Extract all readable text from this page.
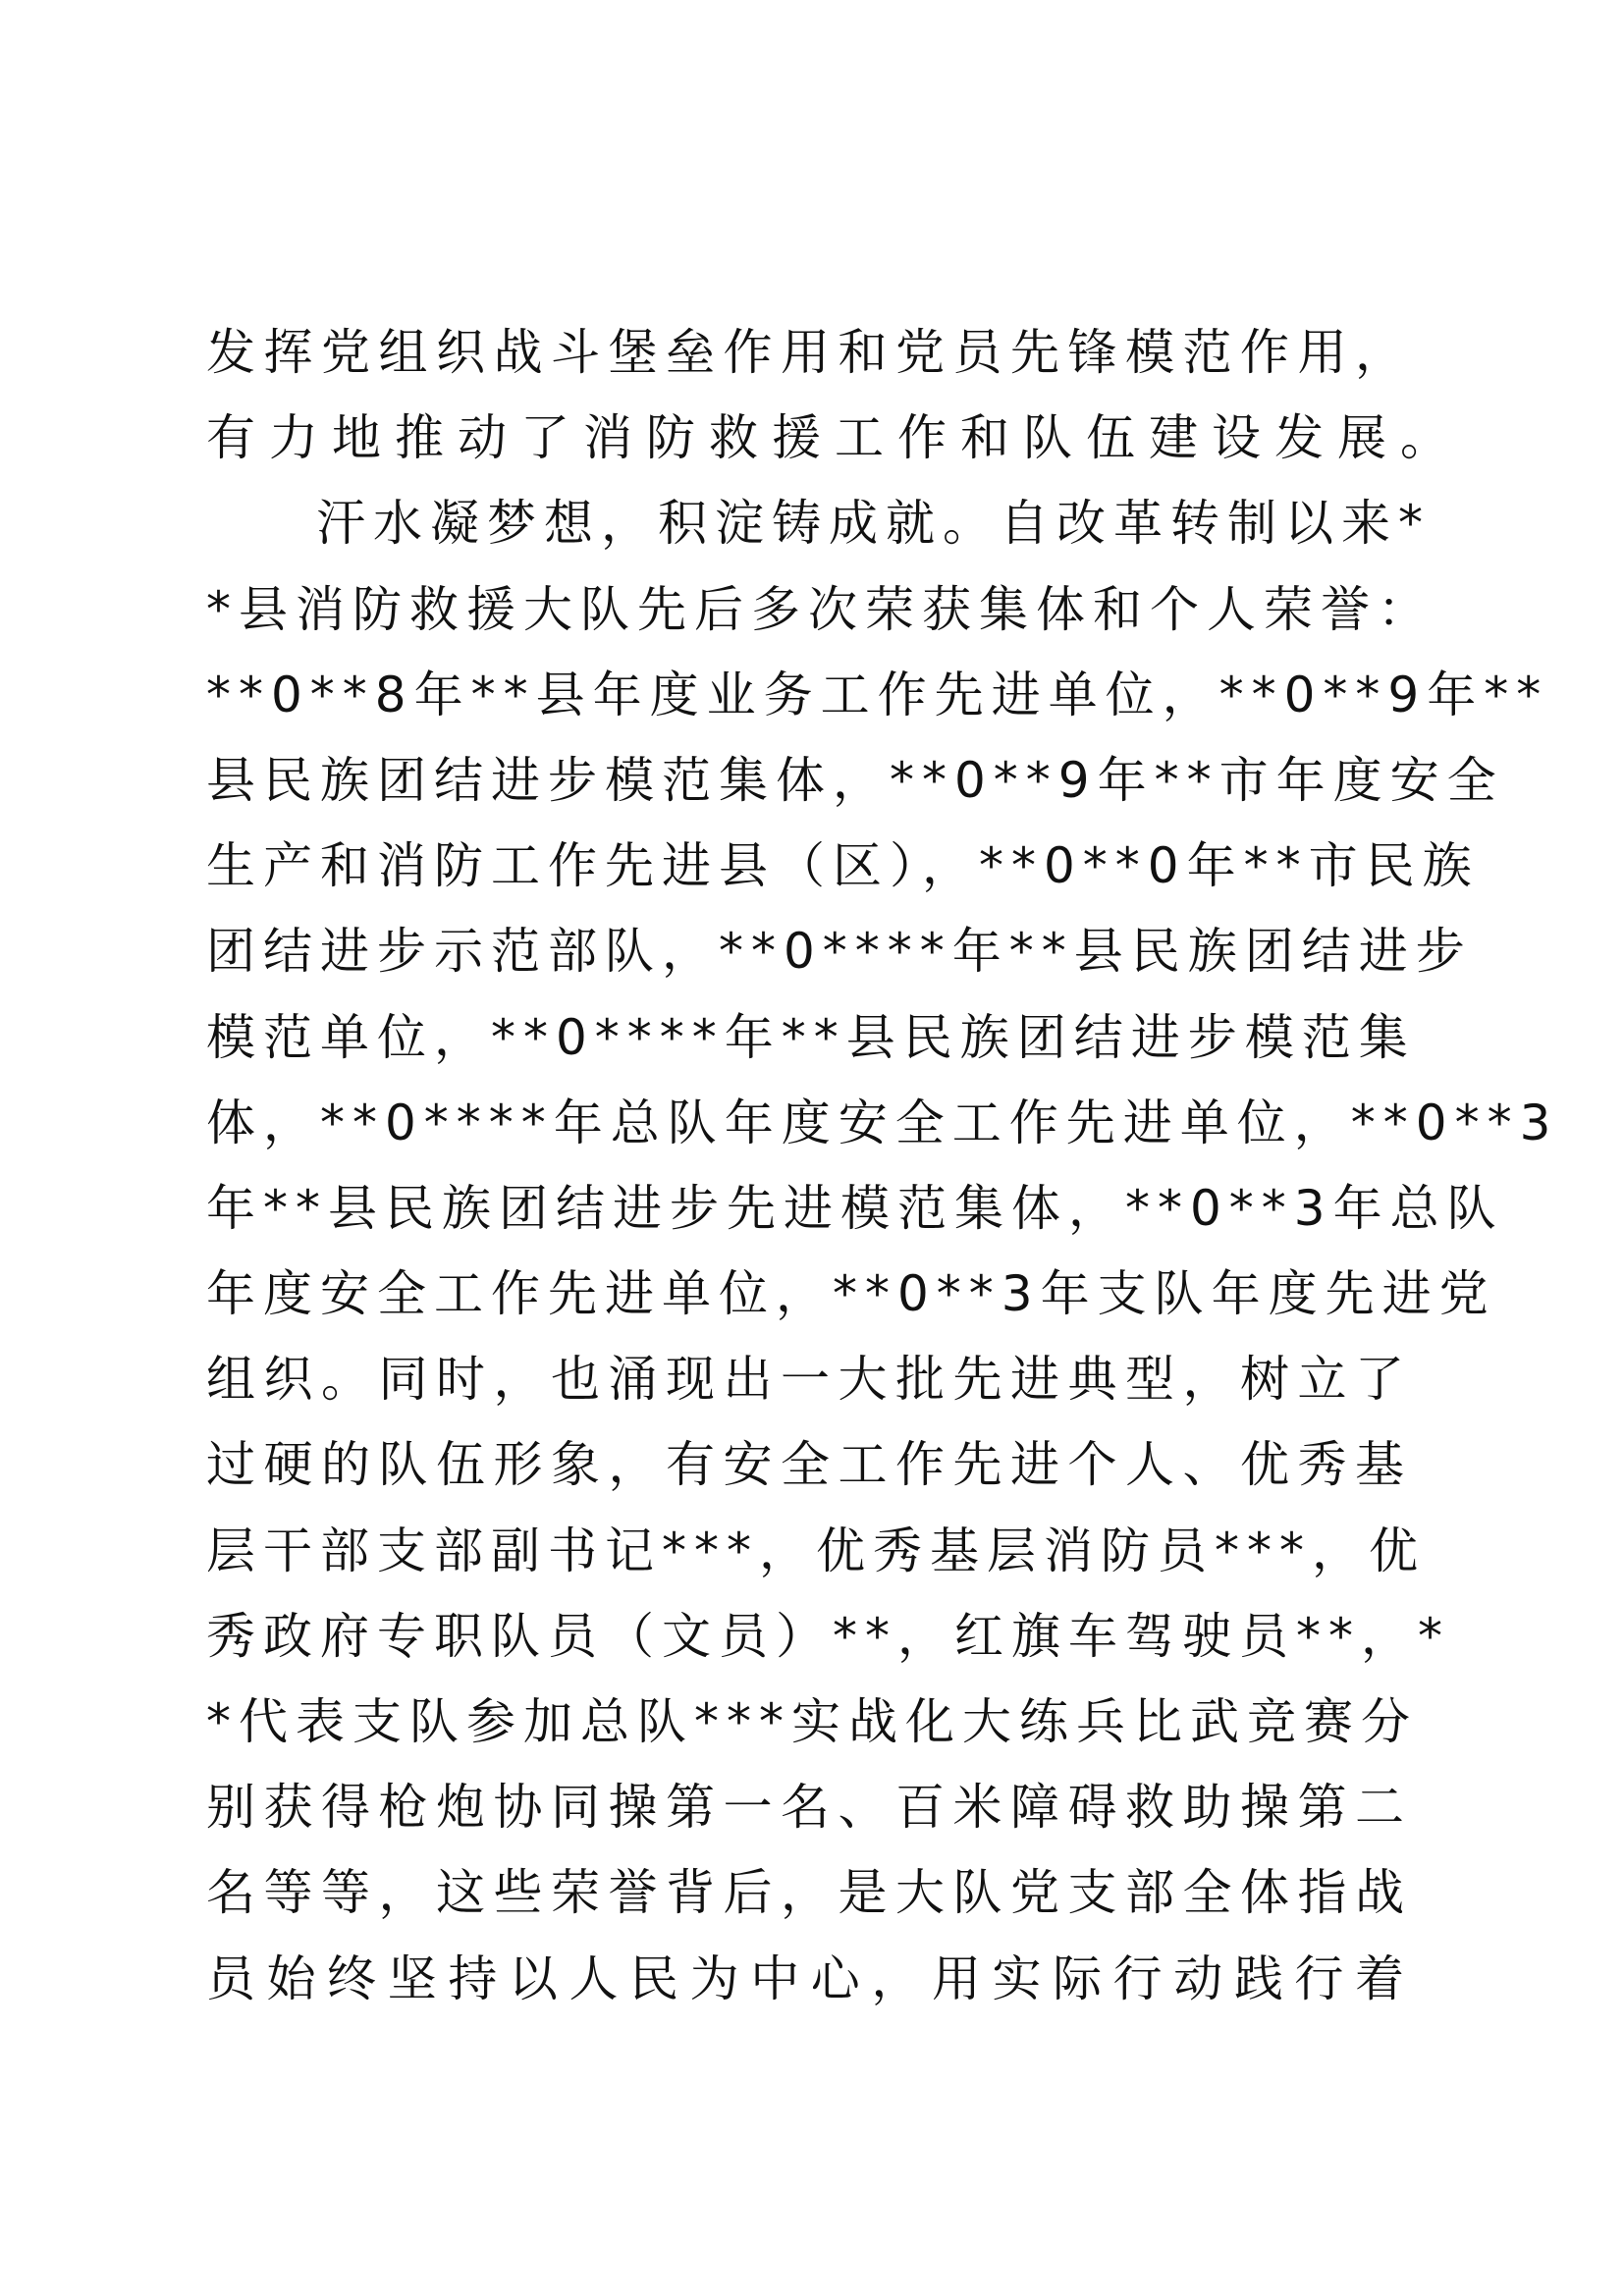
发挥党组织战斗堡垒作用和党员先锋模范作用，
有力地推动了消防救援工作和队伍建设发展。
汗水凝梦想，积淀铸成就。自改革转制以来*
*县消防救援大队先后多次荣获集体和个人荣誉：
**0**8年**县年度业务工作先进单位，**0**9年**
县民族团结进步模范集体，**0**9年**市年度安全
生产和消防工作先进县（区），**0**0年**市民族
团结进步示范部队，**0****年**县民族团结进步
模范单位，**0****年**县民族团结进步模范集
体，**0****年总队年度安全工作先进单位，**0**3
年**县民族团结进步先进模范集体，**0**3年总队
年度安全工作先进单位，**0**3年支队年度先进党
组织。同时，也涌现出一大批先进典型，树立了
过硬的队伍形象，有安全工作先进个人、优秀基
层干部支部副书记***，优秀基层消防员***，优
秀政府专职队员（文员）**，红旗车驾驶员**，*
*代表支队参加总队***实战化大练兵比武竞赛分
别获得枪炮协同操第一名、百米障碍救助操第二
名等等，这些荣誉背后，是大队党支部全体指战
员始终坚持以人民为中心，用实际行动践行着
